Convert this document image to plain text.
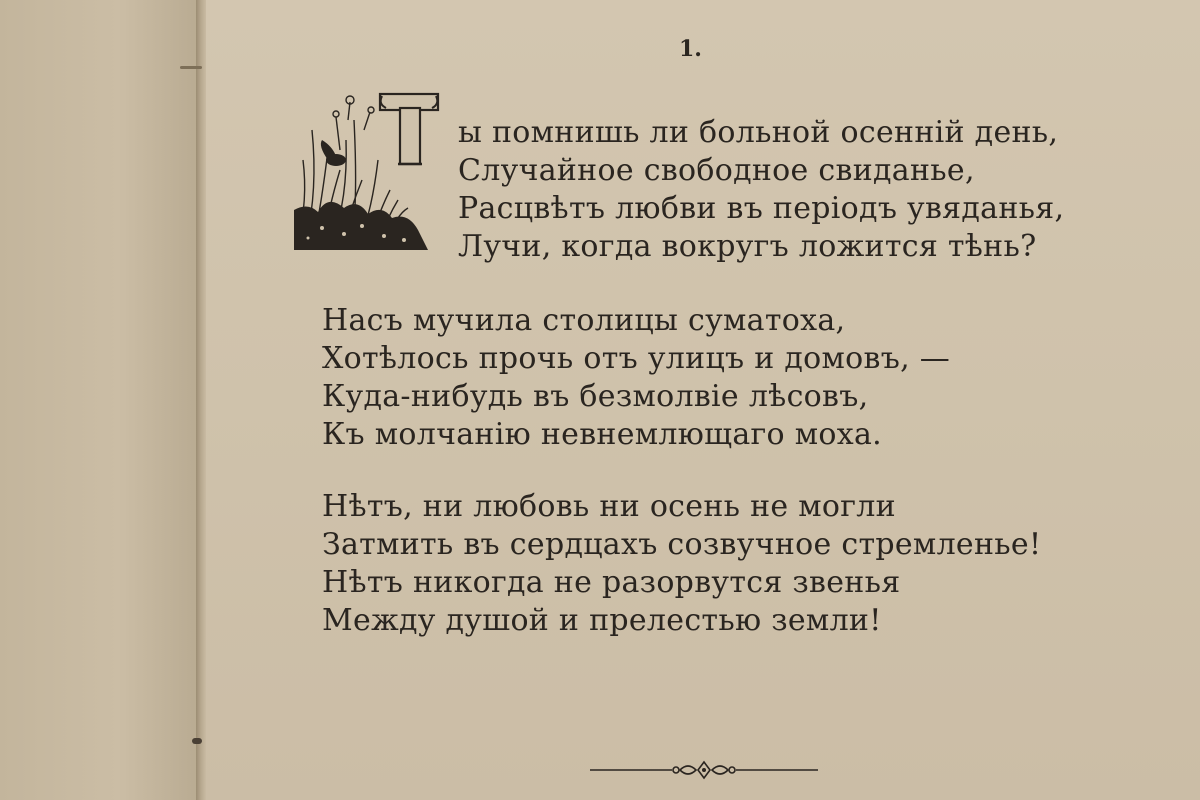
1.
Т
ы помнишь ли больной осеннiй день,
Случайное свободное свиданье,
Расцвѣтъ любви въ перiодъ увяданья,
Лучи, когда вокругъ ложится тѣнь?
Насъ мучила столицы суматоха,
Хотѣлось прочь отъ улицъ и домовъ, —
Куда-нибудь въ безмолвiе лѣсовъ,
Къ молчанiю невнемлющаго моха.
Нѣтъ, ни любовь ни осень не могли
Затмить въ сердцахъ созвучное стремленье!
Нѣтъ никогда не разорвутся звенья
Между душой и прелестью земли!
